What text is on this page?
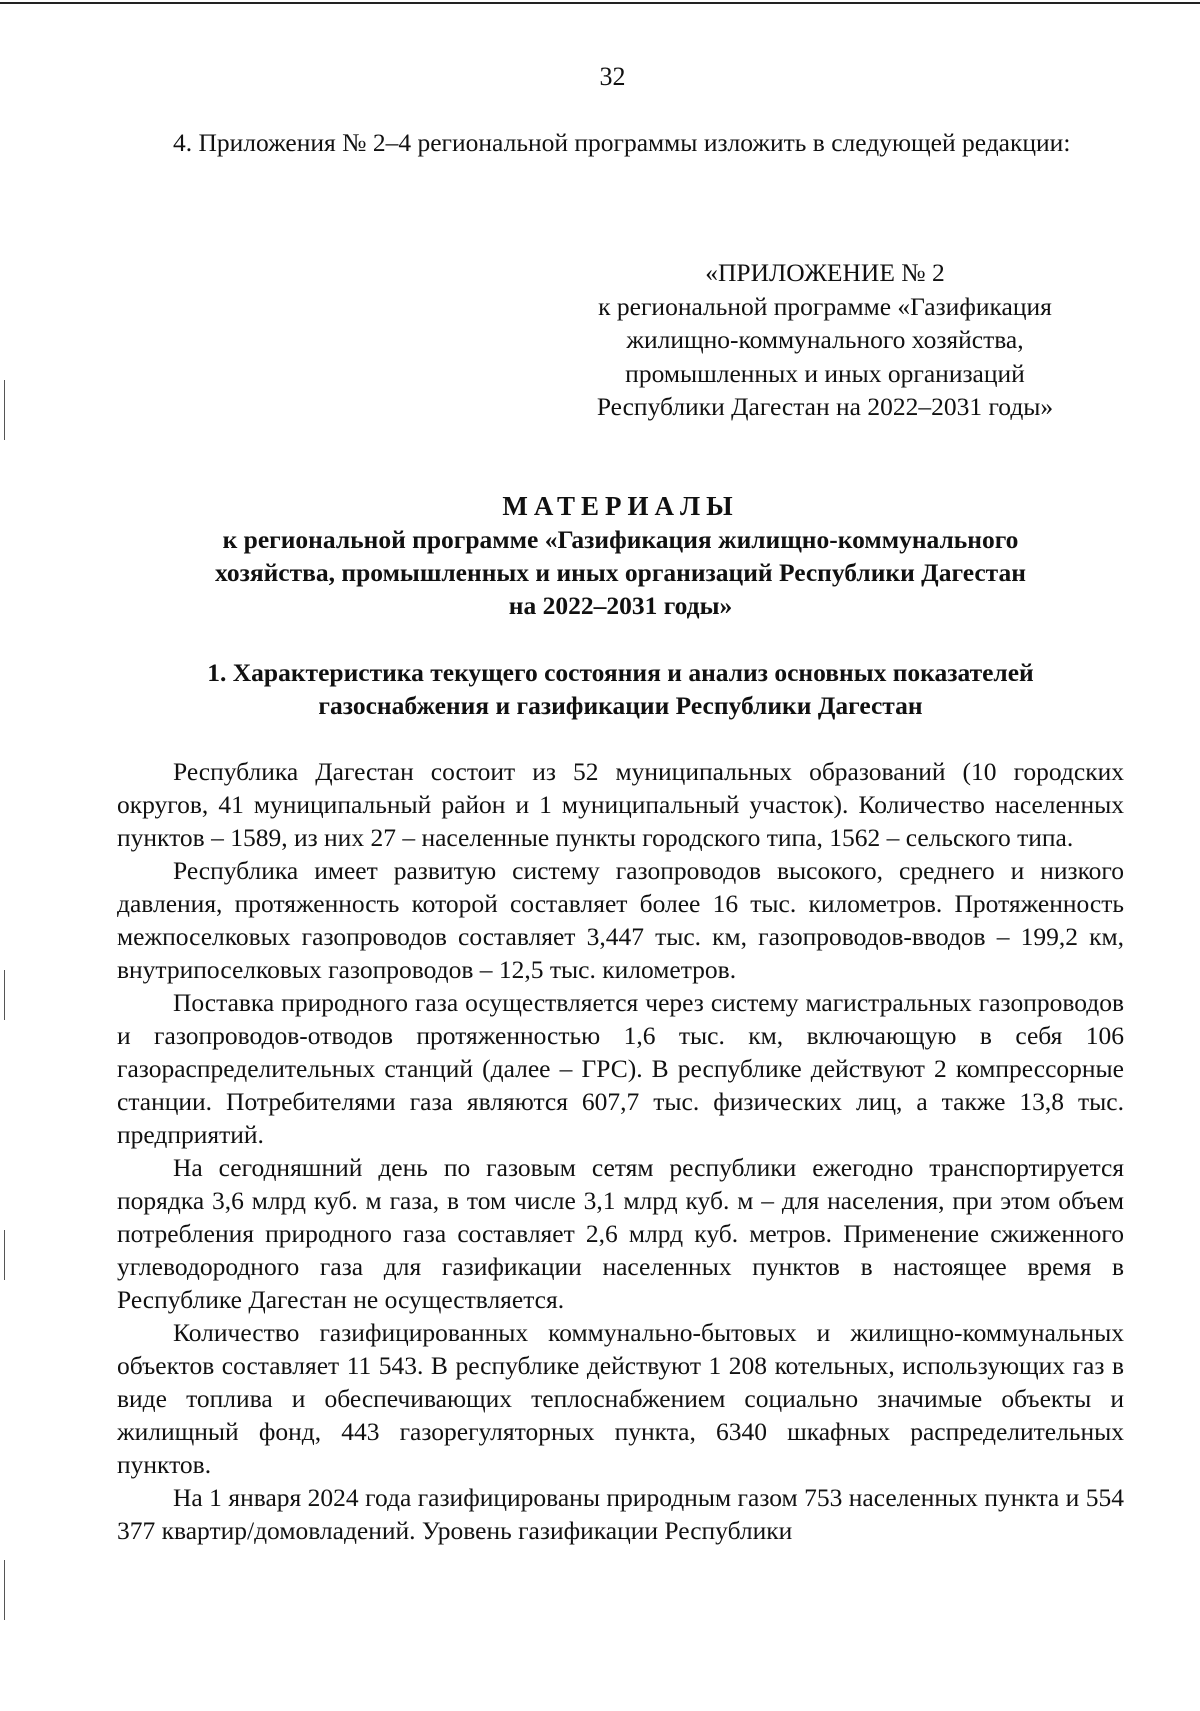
32
4. Приложения № 2–4 региональной программы изложить в следующей редакции:
«ПРИЛОЖЕНИЕ № 2
к региональной программе «Газификация
жилищно-коммунального хозяйства,
промышленных и иных организаций
Республики Дагестан на 2022–2031 годы»
МАТЕРИАЛЫ
к региональной программе «Газификация жилищно-коммунального
хозяйства, промышленных и иных организаций Республики Дагестан
на 2022–2031 годы»
1. Характеристика текущего состояния и анализ основных показателей
газоснабжения и газификации Республики Дагестан

Республика Дагестан состоит из 52 муниципальных образований (10 городских округов, 41 муниципальный район и 1 муниципальный участок). Количество населенных пунктов – 1589, из них 27 – населенные пункты городского типа, 1562 – сельского типа.

Республика имеет развитую систему газопроводов высокого, среднего и низкого давления, протяженность которой составляет более 16 тыс. километров. Протяженность межпоселковых газопроводов составляет 3,447 тыс. км, газопроводов-вводов – 199,2 км, внутрипоселковых газопроводов – 12,5 тыс. километров.

Поставка природного газа осуществляется через систему магистральных газопроводов и газопроводов-отводов протяженностью 1,6 тыс. км, включающую в себя 106 газораспределительных станций (далее – ГРС). В республике действуют 2 компрессорные станции. Потребителями газа являются 607,7 тыс. физических лиц, а также 13,8 тыс. предприятий.

На сегодняшний день по газовым сетям республики ежегодно транспортируется порядка 3,6 млрд куб. м газа, в том числе 3,1 млрд куб. м – для населения, при этом объем потребления природного газа составляет 2,6 млрд куб. метров. Применение сжиженного углеводородного газа для газификации населенных пунктов в настоящее время в Республике Дагестан не осуществляется.

Количество газифицированных коммунально-бытовых и жилищно-коммунальных объектов составляет 11 543. В республике действуют 1 208 котельных, использующих газ в виде топлива и обеспечивающих теплоснабжением социально значимые объекты и жилищный фонд, 443 газорегуляторных пункта, 6340 шкафных распределительных пунктов.

На 1 января 2024 года газифицированы природным газом 753 населенных пункта и 554 377 квартир/домовладений. Уровень газификации Республики
